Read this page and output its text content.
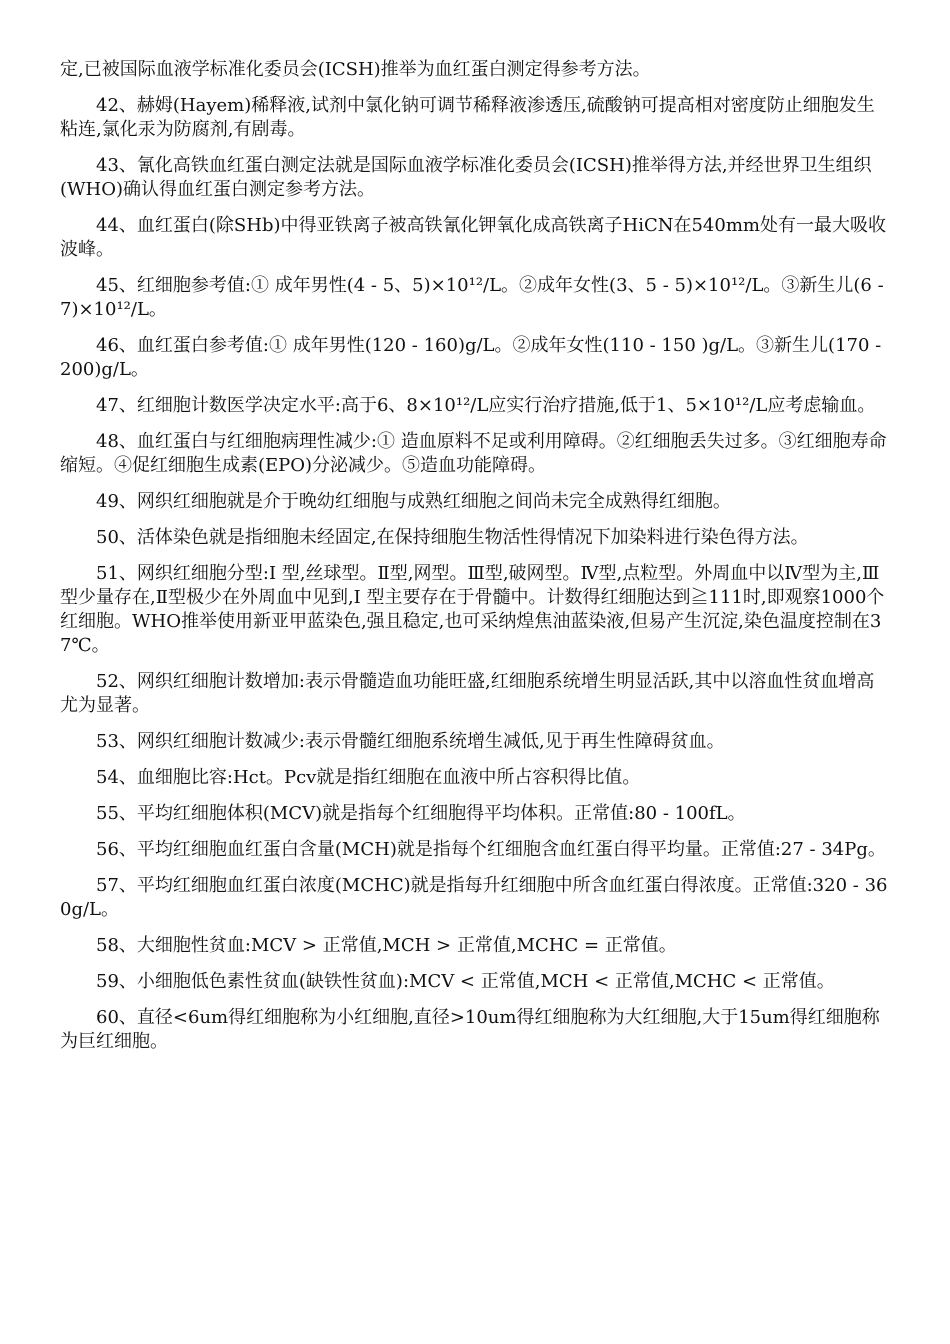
定,已被国际血液学标准化委员会(ICSH)推举为血红蛋白测定得参考方法。

42、赫姆(Hayem)稀释液,试剂中氯化钠可调节稀释液渗透压,硫酸钠可提高相对密度防止细胞发生粘连,氯化汞为防腐剂,有剧毒。

43、氰化高铁血红蛋白测定法就是国际血液学标准化委员会(ICSH)推举得方法,并经世界卫生组织(WHO)确认得血红蛋白测定参考方法。

44、血红蛋白(除SHb)中得亚铁离子被高铁氰化钾氧化成高铁离子HiCN在540mm处有一最大吸收波峰。

45、红细胞参考值:① 成年男性(4 - 5、5)×10¹²/L。②成年女性(3、5 - 5)×10¹²/L。③新生儿(6 - 7)×10¹²/L。

46、血红蛋白参考值:① 成年男性(120 - 160)g/L。②成年女性(110 - 150 )g/L。③新生儿(170 - 200)g/L。

47、红细胞计数医学决定水平:高于6、8×10¹²/L应实行治疗措施,低于1、5×10¹²/L应考虑输血。

48、血红蛋白与红细胞病理性减少:① 造血原料不足或利用障碍。②红细胞丢失过多。③红细胞寿命缩短。④促红细胞生成素(EPO)分泌减少。⑤造血功能障碍。

49、网织红细胞就是介于晚幼红细胞与成熟红细胞之间尚未完全成熟得红细胞。

50、活体染色就是指细胞未经固定,在保持细胞生物活性得情况下加染料进行染色得方法。

51、网织红细胞分型:Ⅰ 型,丝球型。Ⅱ型,网型。Ⅲ型,破网型。Ⅳ型,点粒型。外周血中以Ⅳ型为主,Ⅲ型少量存在,Ⅱ型极少在外周血中见到,Ⅰ 型主要存在于骨髓中。计数得红细胞达到≧111时,即观察1000个红细胞。WHO推举使用新亚甲蓝染色,强且稳定,也可采纳煌焦油蓝染液,但易产生沉淀,染色温度控制在37℃。

52、网织红细胞计数增加:表示骨髓造血功能旺盛,红细胞系统增生明显活跃,其中以溶血性贫血增高尤为显著。

53、网织红细胞计数减少:表示骨髓红细胞系统增生减低,见于再生性障碍贫血。

54、血细胞比容:Hct。Pcv就是指红细胞在血液中所占容积得比值。

55、平均红细胞体积(MCV)就是指每个红细胞得平均体积。正常值:80 - 100fL。

56、平均红细胞血红蛋白含量(MCH)就是指每个红细胞含血红蛋白得平均量。正常值:27 - 34Pg。

57、平均红细胞血红蛋白浓度(MCHC)就是指每升红细胞中所含血红蛋白得浓度。正常值:320 - 360g/L。

58、大细胞性贫血:MCV > 正常值,MCH > 正常值,MCHC = 正常值。

59、小细胞低色素性贫血(缺铁性贫血):MCV < 正常值,MCH < 正常值,MCHC < 正常值。

60、直径<6um得红细胞称为小红细胞,直径>10um得红细胞称为大红细胞,大于15um得红细胞称为巨红细胞。
